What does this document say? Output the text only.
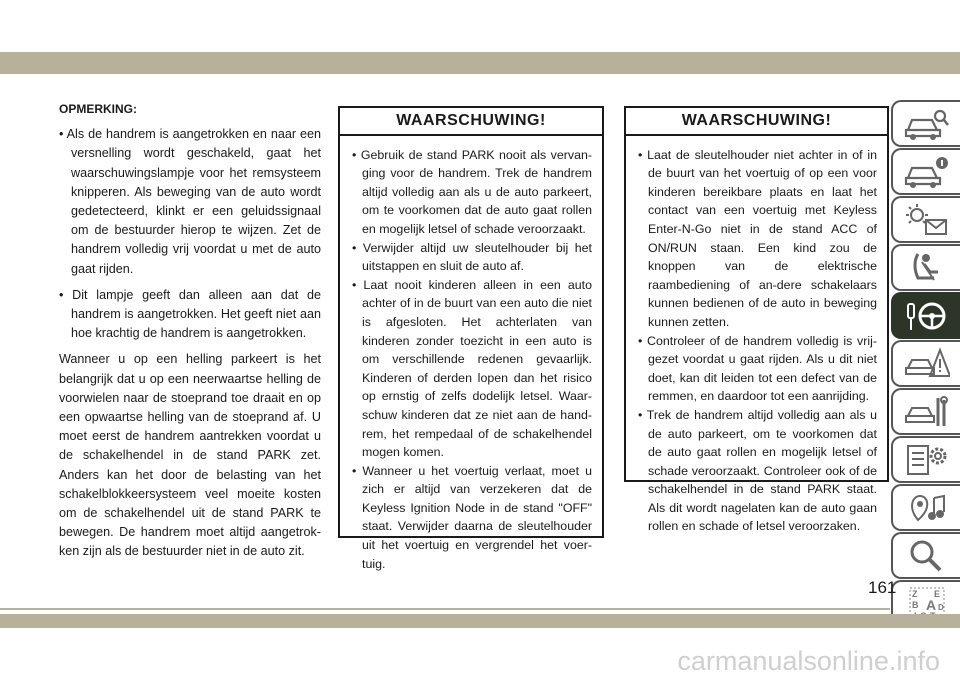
OPMERKING:
• Als de handrem is aangetrokken en naar een versnelling wordt geschakeld, gaat het waarschuwingslampje voor het remsysteem knipperen. Als beweging van de auto wordt gedetecteerd, klinkt er een geluidssignaal om de bestuurder hierop te wijzen. Zet de handrem volledig vrij voordat u met de auto gaat rijden.
• Dit lampje geeft dan alleen aan dat de handrem is aangetrokken. Het geeft niet aan hoe krachtig de handrem is aangetrokken.
Wanneer u op een helling parkeert is het belangrijk dat u op een neerwaartse helling de voorwielen naar de stoeprand toe draait en op een opwaartse helling van de stoeprand af. U moet eerst de handrem aantrekken voordat u de schakelhendel in de stand PARK zet. Anders kan het door de belasting van het schakelblokkeersysteem veel moeite kosten om de schakelhendel uit de stand PARK te bewegen. De handrem moet altijd aangetrok-ken zijn als de bestuurder niet in de auto zit.
WAARSCHUWING!
• Gebruik de stand PARK nooit als vervan-ging voor de handrem. Trek de handrem altijd volledig aan als u de auto parkeert, om te voorkomen dat de auto gaat rollen en mogelijk letsel of schade veroorzaakt.
• Verwijder altijd uw sleutelhouder bij het uitstappen en sluit de auto af.
• Laat nooit kinderen alleen in een auto achter of in de buurt van een auto die niet is afgesloten. Het achterlaten van kinderen zonder toezicht in een auto is om verschillende redenen gevaarlijk. Kinderen of derden lopen dan het risico op ernstig of zelfs dodelijk letsel. Waar-schuw kinderen dat ze niet aan de hand-rem, het rempedaal of de schakelhendel mogen komen.
• Wanneer u het voertuig verlaat, moet u zich er altijd van verzekeren dat de Keyless Ignition Node in de stand "OFF" staat. Verwijder daarna de sleutelhouder uit het voertuig en vergrendel het voer-tuig.
WAARSCHUWING!
• Laat de sleutelhouder niet achter in of in de buurt van het voertuig of op een voor kinderen bereikbare plaats en laat het contact van een voertuig met Keyless Enter-N-Go niet in de stand ACC of ON/RUN staan. Een kind zou de knoppen van de elektrische raambediening of an-dere schakelaars kunnen bedienen of de auto in beweging kunnen zetten.
• Controleer of de handrem volledig is vrij-gezet voordat u gaat rijden. Als u dit niet doet, kan dit leiden tot een defect van de remmen, en daardoor tot een aanrijding.
• Trek de handrem altijd volledig aan als u de auto parkeert, om te voorkomen dat de auto gaat rollen en mogelijk letsel of schade veroorzaakt. Controleer ook of de schakelhendel in de stand PARK staat. Als dit wordt nagelaten kan de auto gaan rollen en schade of letsel veroorzaken.
Z E
B A D
161
carmanualsonline.info
